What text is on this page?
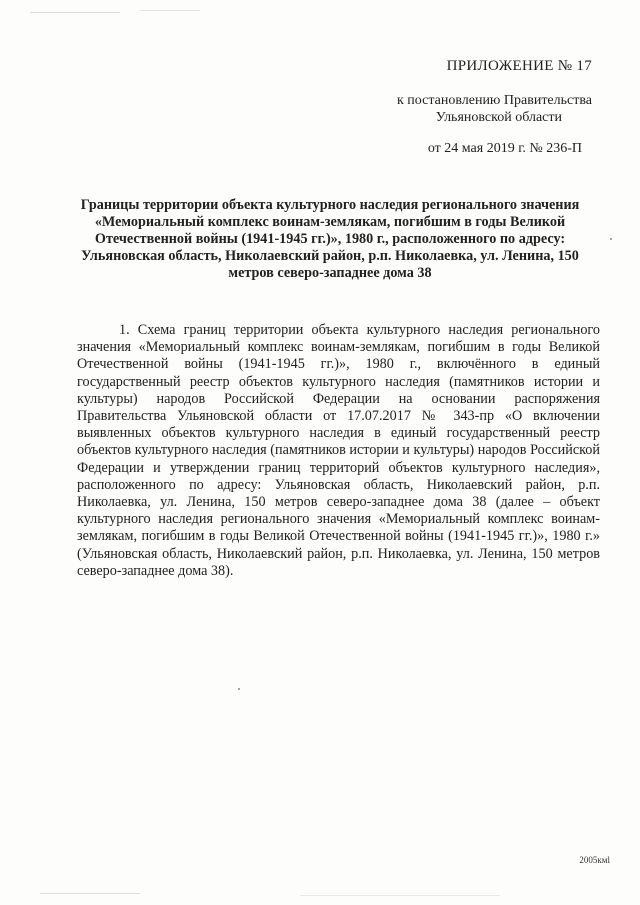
ПРИЛОЖЕНИЕ № 17
к постановлению Правительства
Ульяновской области
от 24 мая 2019 г. № 236-П
Границы территории объекта культурного наследия регионального значения «Мемориальный комплекс воинам-землякам, погибшим в годы Великой Отечественной войны (1941-1945 гг.)», 1980 г., расположенного по адресу: Ульяновская область, Николаевский район, р.п. Николаевка, ул. Ленина, 150 метров северо-западнее дома 38
1. Схема границ территории объекта культурного наследия регионального значения «Мемориальный комплекс воинам-землякам, погибшим в годы Великой Отечественной войны (1941-1945 гг.)», 1980 г., включённого в единый государственный реестр объектов культурного наследия (памятников истории и культуры) народов Российской Федерации на основании распоряжения Правительства Ульяновской области от 17.07.2017 № 343-пр «О включении выявленных объектов культурного наследия в единый государственный реестр объектов культурного наследия (памятников истории и культуры) народов Российской Федерации и утверждении границ территорий объектов культурного наследия», расположенного по адресу: Ульяновская область, Николаевский район, р.п. Николаевка, ул. Ленина, 150 метров северо-западнее дома 38 (далее – объект культурного наследия регионального значения «Мемориальный комплекс воинам-землякам, погибшим в годы Великой Отечественной войны (1941-1945 гг.)», 1980 г.» (Ульяновская область, Николаевский район, р.п. Николаевка, ул. Ленина, 150 метров северо-западнее дома 38).
2005кмl
